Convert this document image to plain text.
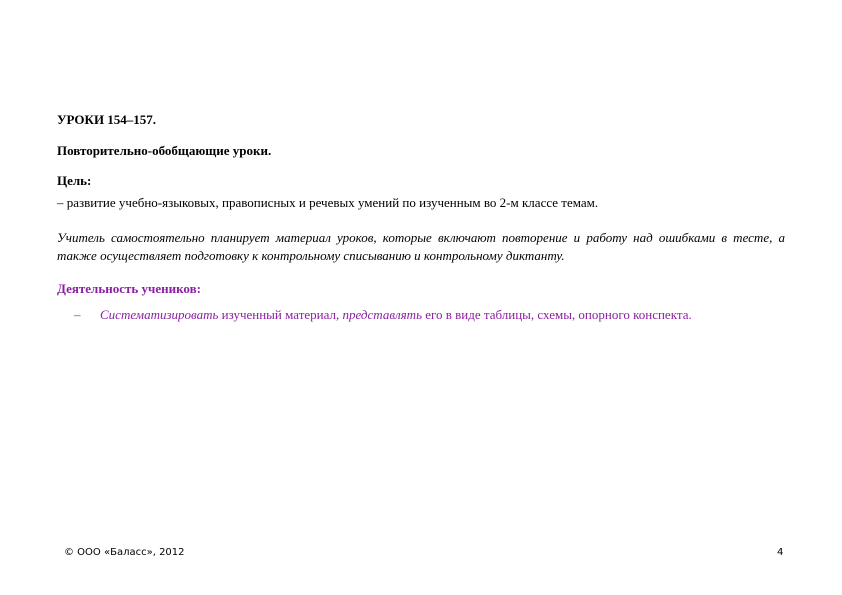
УРОКИ 154–157.

Повторительно-обобщающие уроки.

Цель:

– развитие учебно-языковых, правописных и речевых умений по изученным во 2-м классе темам.

Учитель самостоятельно планирует материал уроков, которые включают повторение и работу над ошибками в тесте, а также осуществляет подготовку к контрольному списыванию и контрольному диктанту.

Деятельность учеников:

– Систематизировать изученный материал, представлять его в виде таблицы, схемы, опорного конспекта.
© ООО «Баласс», 2012	4
